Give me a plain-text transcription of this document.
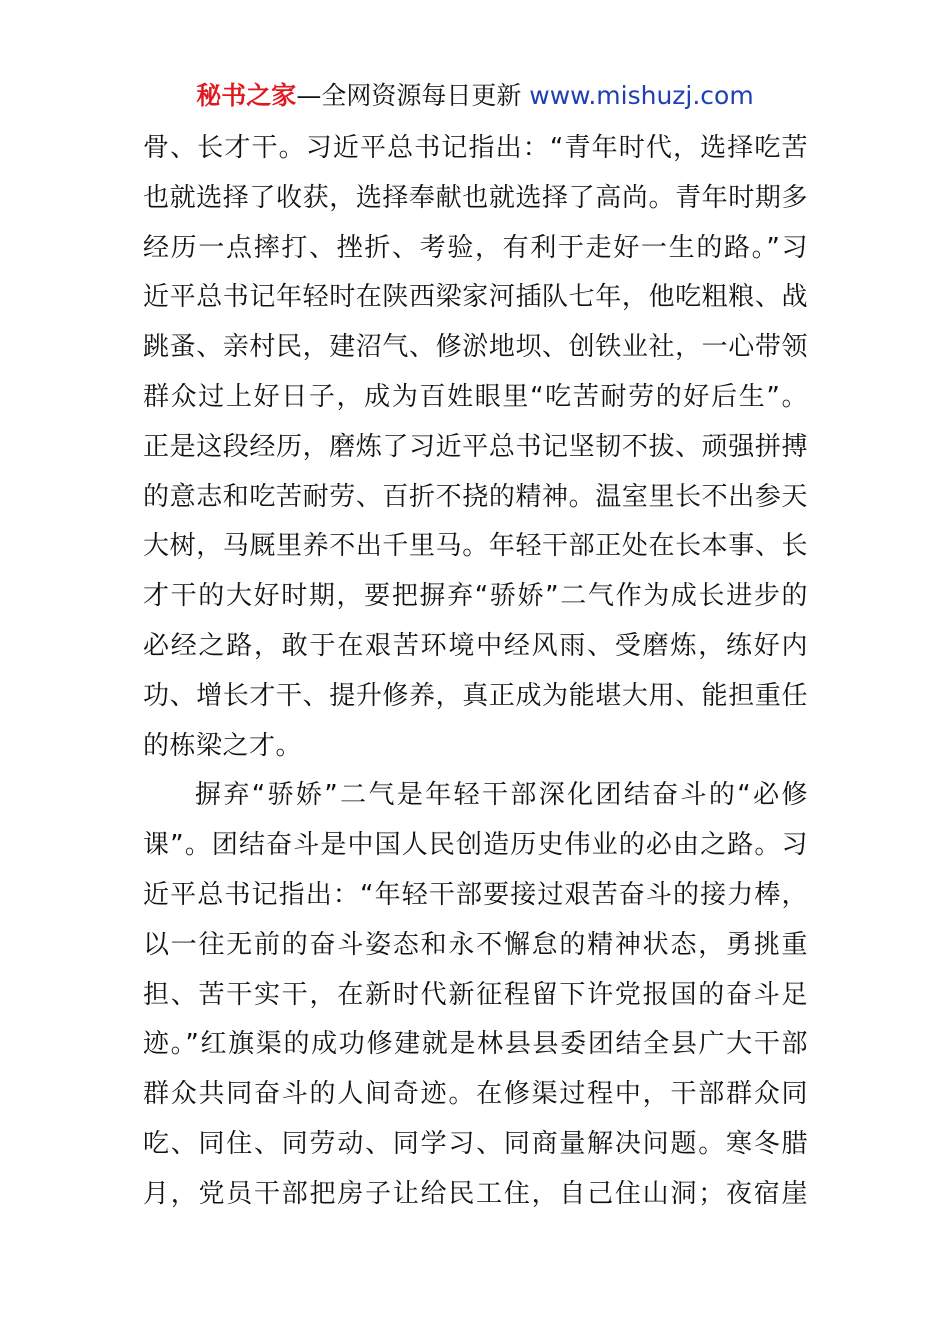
秘书之家—全网资源每日更新 www.mishuzj.com
骨、长才干。习近平总书记指出：“青年时代，选择吃苦
也就选择了收获，选择奉献也就选择了高尚。青年时期多
经历一点摔打、挫折、考验，有利于走好一生的路。”习
近平总书记年轻时在陕西梁家河插队七年，他吃粗粮、战
跳蚤、亲村民，建沼气、修淤地坝、创铁业社，一心带领
群众过上好日子，成为百姓眼里“吃苦耐劳的好后生”。
正是这段经历，磨炼了习近平总书记坚韧不拔、顽强拼搏
的意志和吃苦耐劳、百折不挠的精神。温室里长不出参天
大树，马厩里养不出千里马。年轻干部正处在长本事、长
才干的大好时期，要把摒弃“骄娇”二气作为成长进步的
必经之路，敢于在艰苦环境中经风雨、受磨炼，练好内
功、增长才干、提升修养，真正成为能堪大用、能担重任
的栋梁之才。
摒弃“骄娇”二气是年轻干部深化团结奋斗的“必修
课”。团结奋斗是中国人民创造历史伟业的必由之路。习
近平总书记指出：“年轻干部要接过艰苦奋斗的接力棒，
以一往无前的奋斗姿态和永不懈怠的精神状态，勇挑重
担、苦干实干，在新时代新征程留下许党报国的奋斗足
迹。”红旗渠的成功修建就是林县县委团结全县广大干部
群众共同奋斗的人间奇迹。在修渠过程中，干部群众同
吃、同住、同劳动、同学习、同商量解决问题。寒冬腊
月，党员干部把房子让给民工住，自己住山洞；夜宿崖
